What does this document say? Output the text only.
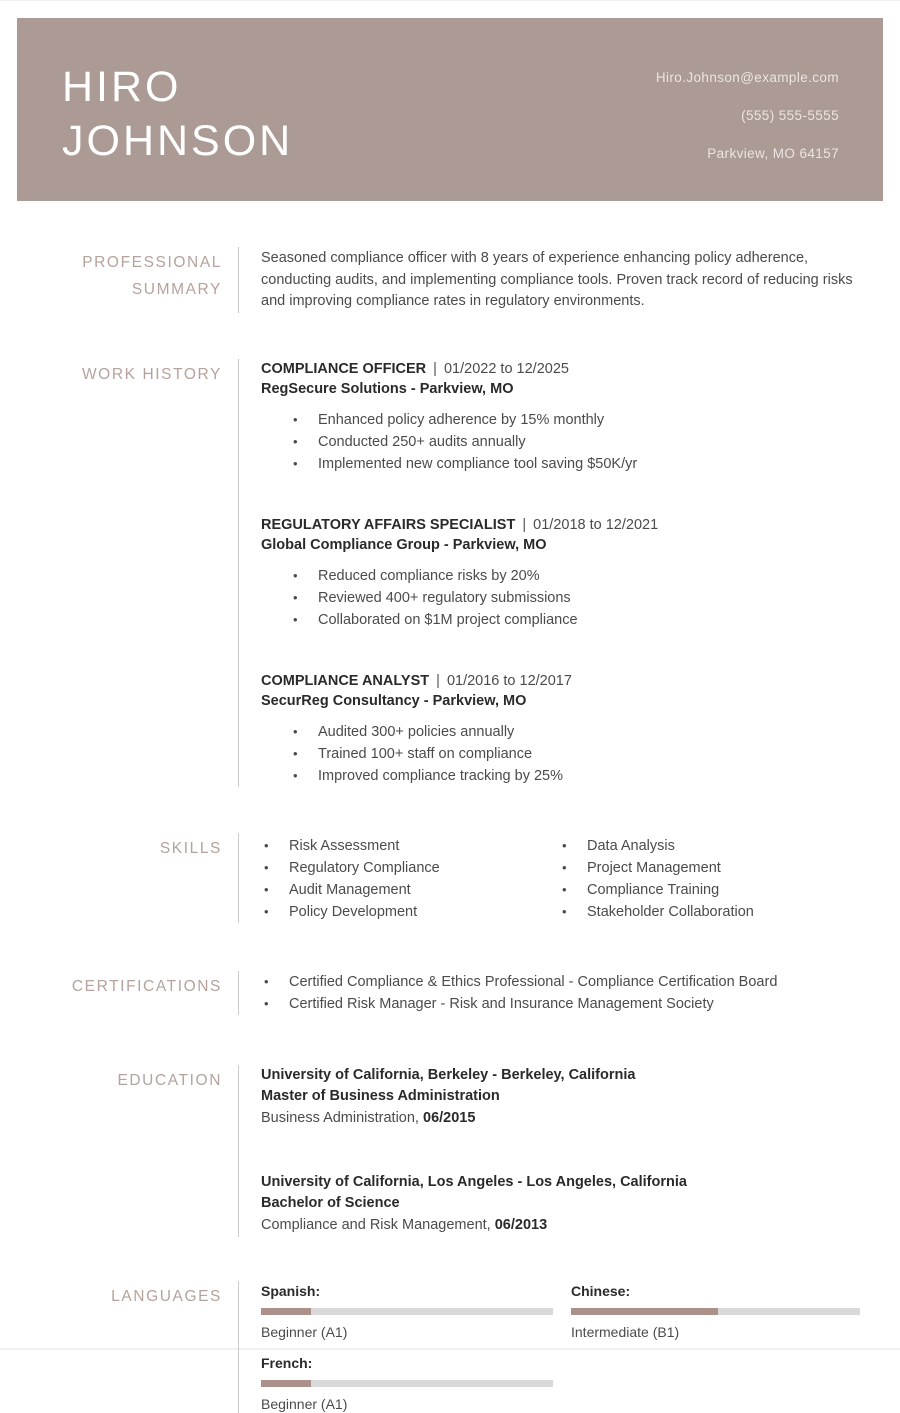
HIRO
JOHNSON
Hiro.Johnson@example.com
(555) 555-5555
Parkview, MO 64157
PROFESSIONAL
SUMMARY
Seasoned compliance officer with 8 years of experience enhancing policy adherence, conducting audits, and implementing compliance tools. Proven track record of reducing risks and improving compliance rates in regulatory environments.
WORK HISTORY	COMPLIANCE OFFICER | 01/2022 to 12/2025
RegSecure Solutions - Parkview, MO
• Enhanced policy adherence by 15% monthly
• Conducted 250+ audits annually
• Implemented new compliance tool saving $50K/yr
REGULATORY AFFAIRS SPECIALIST | 01/2018 to 12/2021
Global Compliance Group - Parkview, MO
• Reduced compliance risks by 20%
• Reviewed 400+ regulatory submissions
• Collaborated on $1M project compliance
COMPLIANCE ANALYST | 01/2016 to 12/2017
SecurReg Consultancy - Parkview, MO
• Audited 300+ policies annually
• Trained 100+ staff on compliance
• Improved compliance tracking by 25%
SKILLS	• Risk Assessment
• Regulatory Compliance
• Audit Management
• Policy Development
• Data Analysis
• Project Management
• Compliance Training
• Stakeholder Collaboration
CERTIFICATIONS	• Certified Compliance & Ethics Professional - Compliance Certification Board
• Certified Risk Manager - Risk and Insurance Management Society
EDUCATION	University of California, Berkeley - Berkeley, California
Master of Business Administration
Business Administration, 06/2015
University of California, Los Angeles - Los Angeles, California
Bachelor of Science
Compliance and Risk Management, 06/2013
LANGUAGES	Spanish:
Beginner (A1)
French:
Beginner (A1)
Chinese:
Intermediate (B1)
